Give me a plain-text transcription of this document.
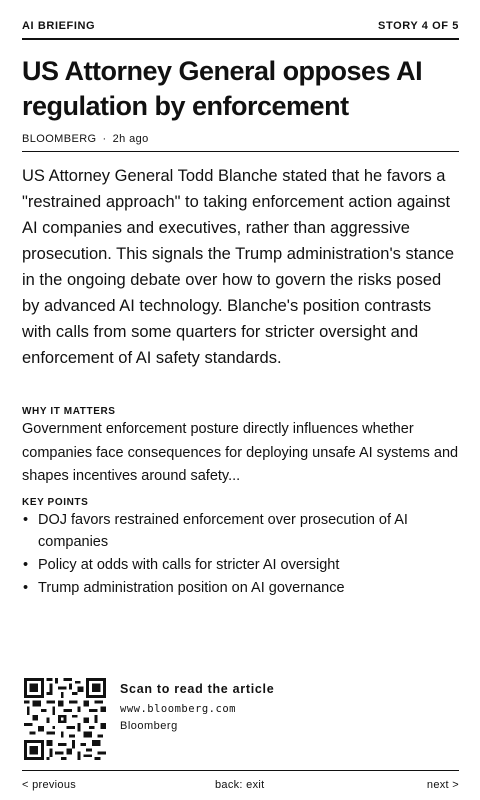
AI BRIEFING	STORY 4 OF 5
US Attorney General opposes AI regulation by enforcement
BLOOMBERG · 2h ago

US Attorney General Todd Blanche stated that he favors a "restrained approach" to taking enforcement action against AI companies and executives, rather than aggressive prosecution. This signals the Trump administration's stance in the ongoing debate over how to govern the risks posed by advanced AI technology. Blanche's position contrasts with calls from some quarters for stricter oversight and enforcement of AI safety standards.

WHY IT MATTERS

Government enforcement posture directly influences whether companies face consequences for deploying unsafe AI systems and shapes incentives around safety...

KEY POINTS
• DOJ favors restrained enforcement over prosecution of AI companies
• Policy at odds with calls for stricter AI oversight
• Trump administration position on AI governance
Scan to read the article
www.bloomberg.com
Bloomberg
< previous	back: exit	next >
